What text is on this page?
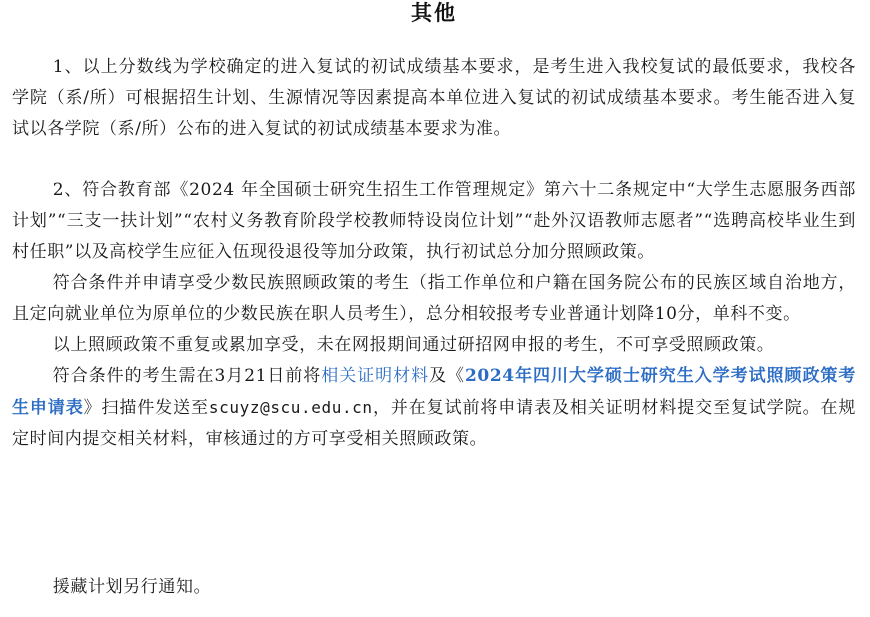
其他

1、以上分数线为学校确定的进入复试的初试成绩基本要求，是考生进入我校复试的最低要求，我校各学院（系/所）可根据招生计划、生源情况等因素提高本单位进入复试的初试成绩基本要求。考生能否进入复试以各学院（系/所）公布的进入复试的初试成绩基本要求为准。

2、符合教育部《2024 年全国硕士研究生招生工作管理规定》第六十二条规定中“大学生志愿服务西部计划”“三支一扶计划”“农村义务教育阶段学校教师特设岗位计划”“赴外汉语教师志愿者”“选聘高校毕业生到村任职”以及高校学生应征入伍现役退役等加分政策，执行初试总分加分照顾政策。

符合条件并申请享受少数民族照顾政策的考生（指工作单位和户籍在国务院公布的民族区域自治地方，且定向就业单位为原单位的少数民族在职人员考生），总分相较报考专业普通计划降10分，单科不变。

以上照顾政策不重复或累加享受，未在网报期间通过研招网申报的考生，不可享受照顾政策。

符合条件的考生需在3月21日前将相关证明材料及《2024年四川大学硕士研究生入学考试照顾政策考生申请表》扫描件发送至scuyz@scu.edu.cn，并在复试前将申请表及相关证明材料提交至复试学院。在规定时间内提交相关材料，审核通过的方可享受相关照顾政策。

援藏计划另行通知。
